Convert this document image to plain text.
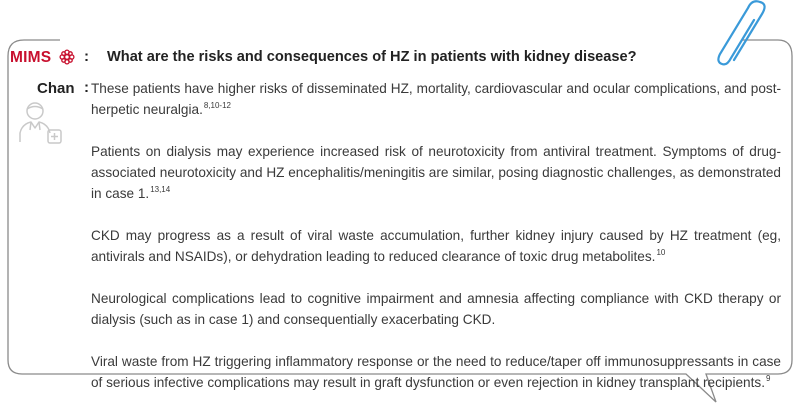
MIMS : What are the risks and consequences of HZ in patients with kidney disease?
Chan : These patients have higher risks of disseminated HZ, mortality, cardiovascular and ocular complications, and post-herpetic neuralgia.$^{8,10-12}$

Patients on dialysis may experience increased risk of neurotoxicity from antiviral treatment. Symptoms of drug-associated neurotoxicity and HZ encephalitis/meningitis are similar, posing diagnostic challenges, as demonstrated in case 1.$^{13,14}$

CKD may progress as a result of viral waste accumulation, further kidney injury caused by HZ treatment (eg, antivirals and NSAIDs), or dehydration leading to reduced clearance of toxic drug metabolites.$^{10}$

Neurological complications lead to cognitive impairment and amnesia affecting compliance with CKD therapy or dialysis (such as in case 1) and consequentially exacerbating CKD.

Viral waste from HZ triggering inflammatory response or the need to reduce/taper off immunosuppressants in case of serious infective complications may result in graft dysfunction or even rejection in kidney transplant recipients.$^9$
